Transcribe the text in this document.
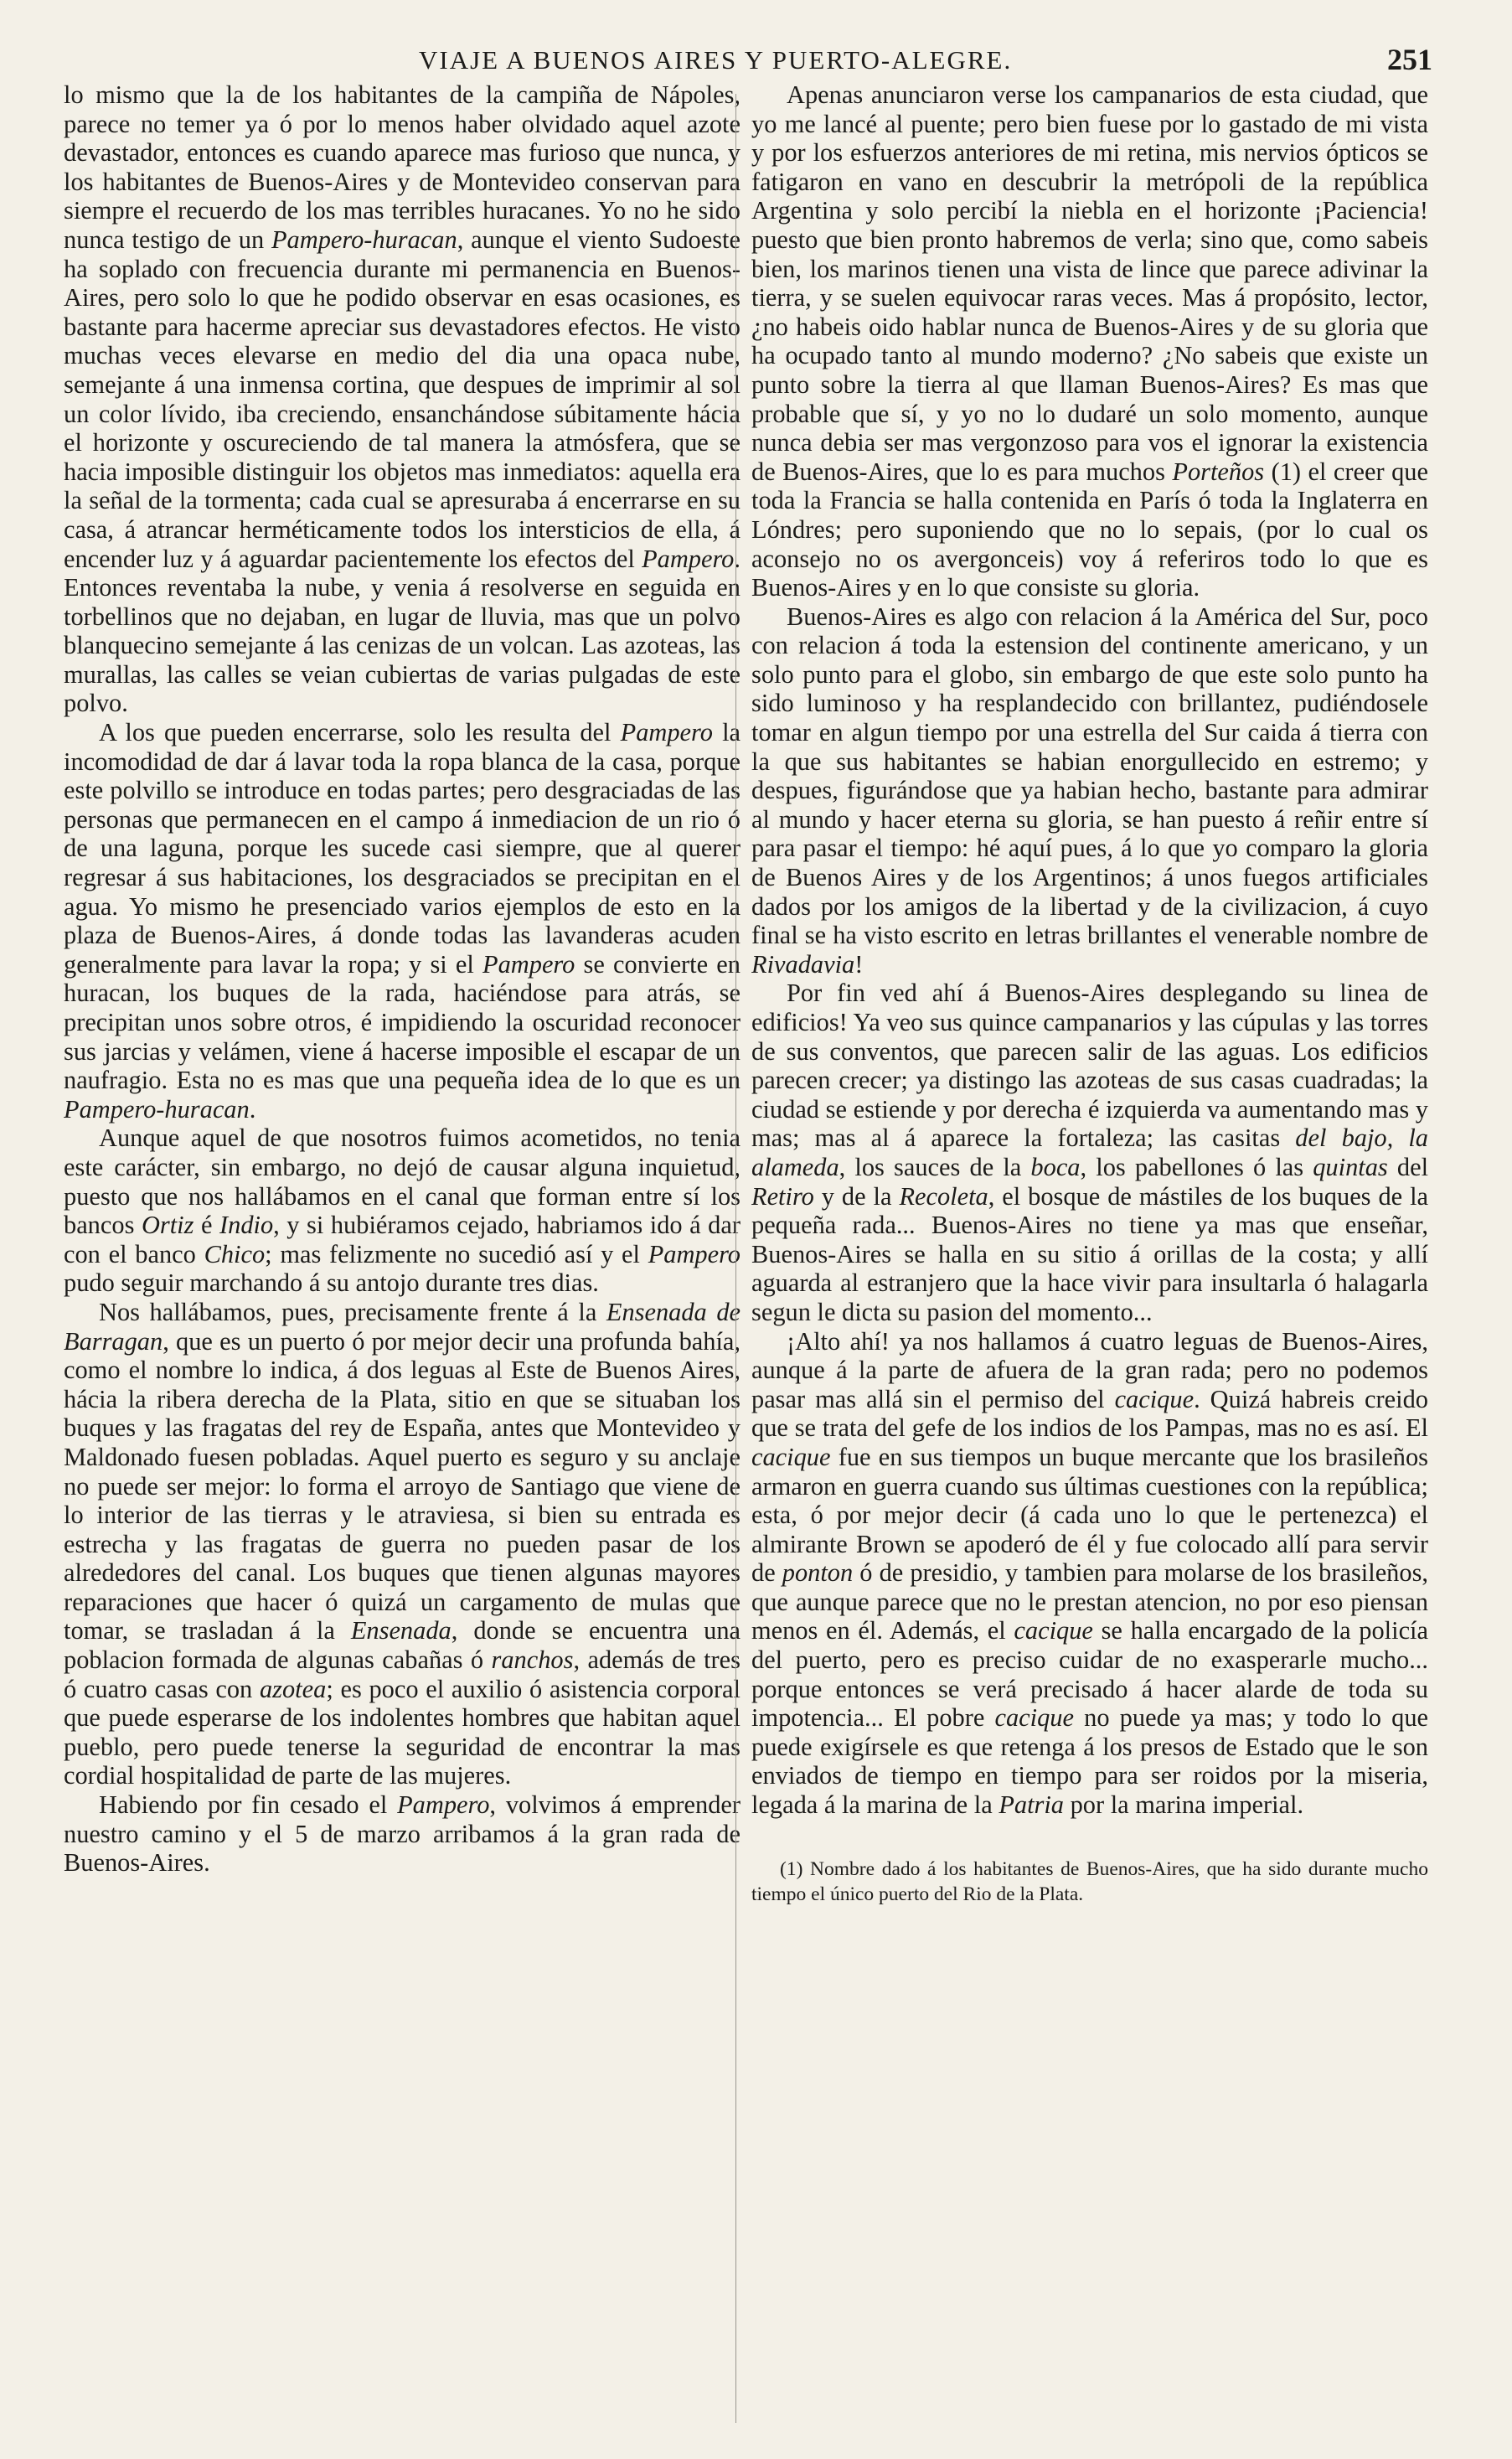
VIAJE A BUENOS AIRES Y PUERTO-ALEGRE.	251

lo mismo que la de los habitantes de la campiña de Nápoles, parece no temer ya ó por lo menos haber olvidado aquel azote devastador, entonces es cuando aparece mas furioso que nunca, y los habitantes de Buenos-Aires y de Montevideo conservan para siempre el recuerdo de los mas terribles huracanes. Yo no he sido nunca testigo de un Pampero-huracan, aunque el viento Sudoeste ha soplado con frecuencia durante mi permanencia en Buenos-Aires, pero solo lo que he podido observar en esas ocasiones, es bastante para hacerme apreciar sus devastadores efectos. He visto muchas veces elevarse en medio del dia una opaca nube, semejante á una inmensa cortina, que despues de imprimir al sol un color lívido, iba creciendo, ensanchándose súbitamente hácia el horizonte y oscureciendo de tal manera la atmósfera, que se hacia imposible distinguir los objetos mas inmediatos: aquella era la señal de la tormenta; cada cual se apresuraba á encerrarse en su casa, á atrancar herméticamente todos los intersticios de ella, á encender luz y á aguardar pacientemente los efectos del Pampero. Entonces reventaba la nube, y venia á resolverse en seguida en torbellinos que no dejaban, en lugar de lluvia, mas que un polvo blanquecino semejante á las cenizas de un volcan. Las azoteas, las murallas, las calles se veian cubiertas de varias pulgadas de este polvo.

A los que pueden encerrarse, solo les resulta del Pampero la incomodidad de dar á lavar toda la ropa blanca de la casa, porque este polvillo se introduce en todas partes; pero desgraciadas de las personas que permanecen en el campo á inmediacion de un rio ó de una laguna, porque les sucede casi siempre, que al querer regresar á sus habitaciones, los desgraciados se precipitan en el agua. Yo mismo he presenciado varios ejemplos de esto en la plaza de Buenos-Aires, á donde todas las lavanderas acuden generalmente para lavar la ropa; y si el Pampero se convierte en huracan, los buques de la rada, haciéndose para atrás, se precipitan unos sobre otros, é impidiendo la oscuridad reconocer sus jarcias y velámen, viene á hacerse imposible el escapar de un naufragio. Esta no es mas que una pequeña idea de lo que es un Pampero-huracan.

Aunque aquel de que nosotros fuimos acometidos, no tenia este carácter, sin embargo, no dejó de causar alguna inquietud, puesto que nos hallábamos en el canal que forman entre sí los bancos Ortiz é Indio, y si hubiéramos cejado, habriamos ido á dar con el banco Chico; mas felizmente no sucedió así y el Pampero pudo seguir marchando á su antojo durante tres dias.

Nos hallábamos, pues, precisamente frente á la Ensenada de Barragan, que es un puerto ó por mejor decir una profunda bahía, como el nombre lo indica, á dos leguas al Este de Buenos Aires, hácia la ribera derecha de la Plata, sitio en que se situaban los buques y las fragatas del rey de España, antes que Montevideo y Maldonado fuesen pobladas. Aquel puerto es seguro y su anclaje no puede ser mejor: lo forma el arroyo de Santiago que viene de lo interior de las tierras y le atraviesa, si bien su entrada es estrecha y las fragatas de guerra no pueden pasar de los alrededores del canal. Los buques que tienen algunas mayores reparaciones que hacer ó quizá un cargamento de mulas que tomar, se trasladan á la Ensenada, donde se encuentra una poblacion formada de algunas cabañas ó ranchos, además de tres ó cuatro casas con azotea; es poco el auxilio ó asistencia corporal que puede esperarse de los indolentes hombres que habitan aquel pueblo, pero puede tenerse la seguridad de encontrar la mas cordial hospitalidad de parte de las mujeres.

Habiendo por fin cesado el Pampero, volvimos á emprender nuestro camino y el 5 de marzo arribamos á la gran rada de Buenos-Aires.

Apenas anunciaron verse los campanarios de esta ciudad, que yo me lancé al puente; pero bien fuese por lo gastado de mi vista y por los esfuerzos anteriores de mi retina, mis nervios ópticos se fatigaron en vano en descubrir la metrópoli de la república Argentina y solo percibí la niebla en el horizonte ¡Paciencia! puesto que bien pronto habremos de verla; sino que, como sabeis bien, los marinos tienen una vista de lince que parece adivinar la tierra, y se suelen equivocar raras veces. Mas á propósito, lector, ¿no habeis oido hablar nunca de Buenos-Aires y de su gloria que ha ocupado tanto al mundo moderno? ¿No sabeis que existe un punto sobre la tierra al que llaman Buenos-Aires? Es mas que probable que sí, y yo no lo dudaré un solo momento, aunque nunca debia ser mas vergonzoso para vos el ignorar la existencia de Buenos-Aires, que lo es para muchos Porteños (1) el creer que toda la Francia se halla contenida en París ó toda la Inglaterra en Lóndres; pero suponiendo que no lo sepais, (por lo cual os aconsejo no os avergonceis) voy á referiros todo lo que es Buenos-Aires y en lo que consiste su gloria.

Buenos-Aires es algo con relacion á la América del Sur, poco con relacion á toda la estension del continente americano, y un solo punto para el globo, sin embargo de que este solo punto ha sido luminoso y ha resplandecido con brillantez, pudiéndosele tomar en algun tiempo por una estrella del Sur caida á tierra con la que sus habitantes se habian enorgullecido en estremo; y despues, figurándose que ya habian hecho, bastante para admirar al mundo y hacer eterna su gloria, se han puesto á reñir entre sí para pasar el tiempo: hé aquí pues, á lo que yo comparo la gloria de Buenos Aires y de los Argentinos; á unos fuegos artificiales dados por los amigos de la libertad y de la civilizacion, á cuyo final se ha visto escrito en letras brillantes el venerable nombre de Rivadavia!

Por fin ved ahí á Buenos-Aires desplegando su linea de edificios! Ya veo sus quince campanarios y las cúpulas y las torres de sus conventos, que parecen salir de las aguas. Los edificios parecen crecer; ya distingo las azoteas de sus casas cuadradas; la ciudad se estiende y por derecha é izquierda va aumentando mas y mas; mas al á aparece la fortaleza; las casitas del bajo, la alameda, los sauces de la boca, los pabellones ó las quintas del Retiro y de la Recoleta, el bosque de mástiles de los buques de la pequeña rada... Buenos-Aires no tiene ya mas que enseñar, Buenos-Aires se halla en su sitio á orillas de la costa; y allí aguarda al estranjero que la hace vivir para insultarla ó halagarla segun le dicta su pasion del momento...

¡Alto ahí! ya nos hallamos á cuatro leguas de Buenos-Aires, aunque á la parte de afuera de la gran rada; pero no podemos pasar mas allá sin el permiso del cacique. Quizá habreis creido que se trata del gefe de los indios de los Pampas, mas no es así. El cacique fue en sus tiempos un buque mercante que los brasileños armaron en guerra cuando sus últimas cuestiones con la república; esta, ó por mejor decir (á cada uno lo que le pertenezca) el almirante Brown se apoderó de él y fue colocado allí para servir de ponton ó de presidio, y tambien para molarse de los brasileños, que aunque parece que no le prestan atencion, no por eso piensan menos en él. Además, el cacique se halla encargado de la policía del puerto, pero es preciso cuidar de no exasperarle mucho... porque entonces se verá precisado á hacer alarde de toda su impotencia... El pobre cacique no puede ya mas; y todo lo que puede exigírsele es que retenga á los presos de Estado que le son enviados de tiempo en tiempo para ser roidos por la miseria, legada á la marina de la Patria por la marina imperial.

(1) Nombre dado á los habitantes de Buenos-Aires, que ha sido durante mucho tiempo el único puerto del Rio de la Plata.
